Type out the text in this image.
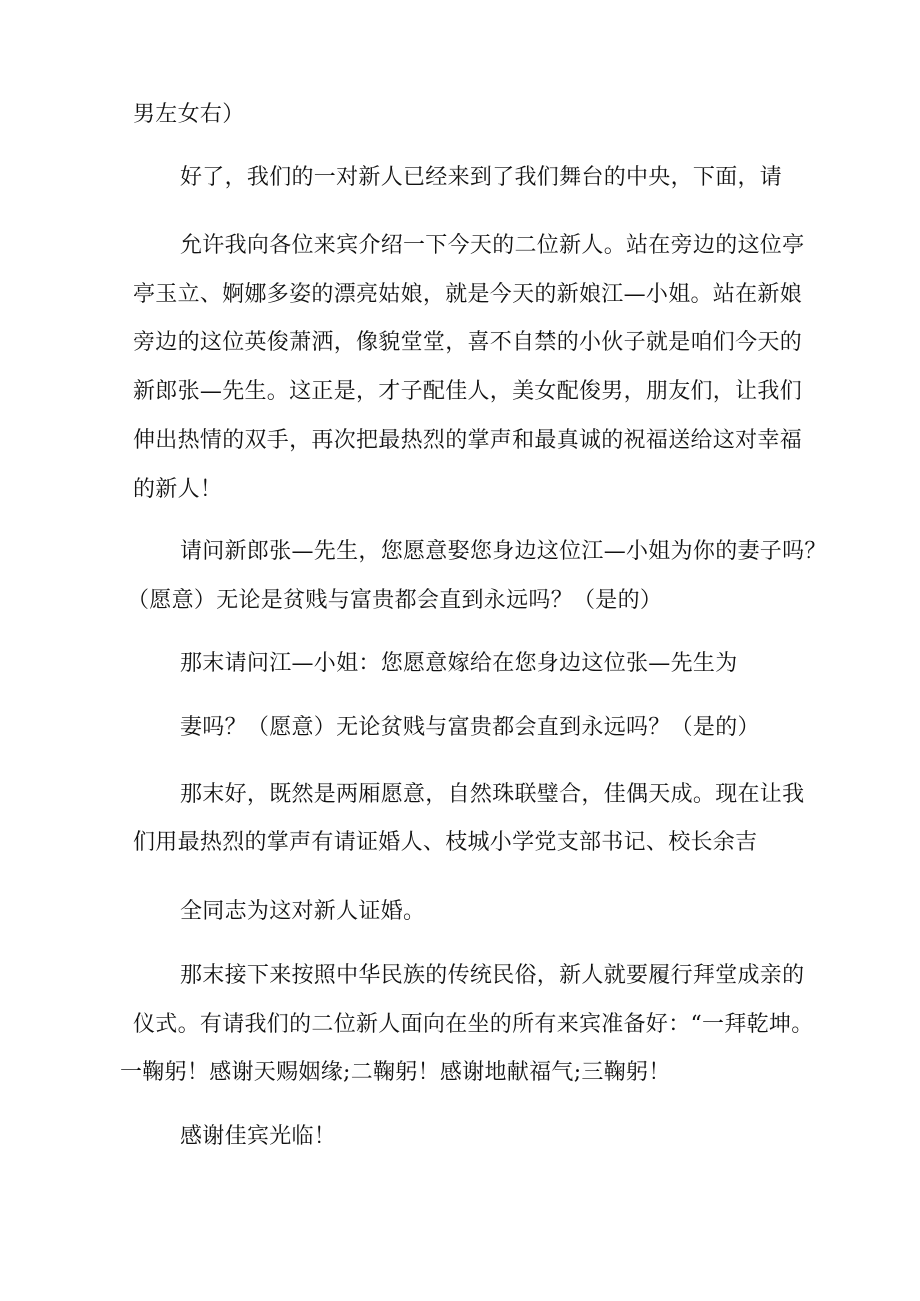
男左女右）
好了，我们的一对新人已经来到了我们舞台的中央，下面，请
允许我向各位来宾介绍一下今天的二位新人。站在旁边的这位亭
亭玉立、婀娜多姿的漂亮姑娘，就是今天的新娘江—小姐。站在新娘
旁边的这位英俊萧洒，像貌堂堂，喜不自禁的小伙子就是咱们今天的
新郎张—先生。这正是，才子配佳人，美女配俊男，朋友们，让我们
伸出热情的双手，再次把最热烈的掌声和最真诚的祝福送给这对幸福
的新人！
请问新郎张—先生，您愿意娶您身边这位江—小姐为你的妻子吗？
（愿意）无论是贫贱与富贵都会直到永远吗？（是的）
那末请问江—小姐：您愿意嫁给在您身边这位张—先生为
妻吗？（愿意）无论贫贱与富贵都会直到永远吗？（是的）
那末好，既然是两厢愿意，自然珠联璧合，佳偶天成。现在让我
们用最热烈的掌声有请证婚人、枝城小学党支部书记、校长余吉
全同志为这对新人证婚。
那末接下来按照中华民族的传统民俗，新人就要履行拜堂成亲的
仪式。有请我们的二位新人面向在坐的所有来宾准备好：“一拜乾坤。
一鞠躬！感谢天赐姻缘;二鞠躬！感谢地献福气;三鞠躬！
感谢佳宾光临！
